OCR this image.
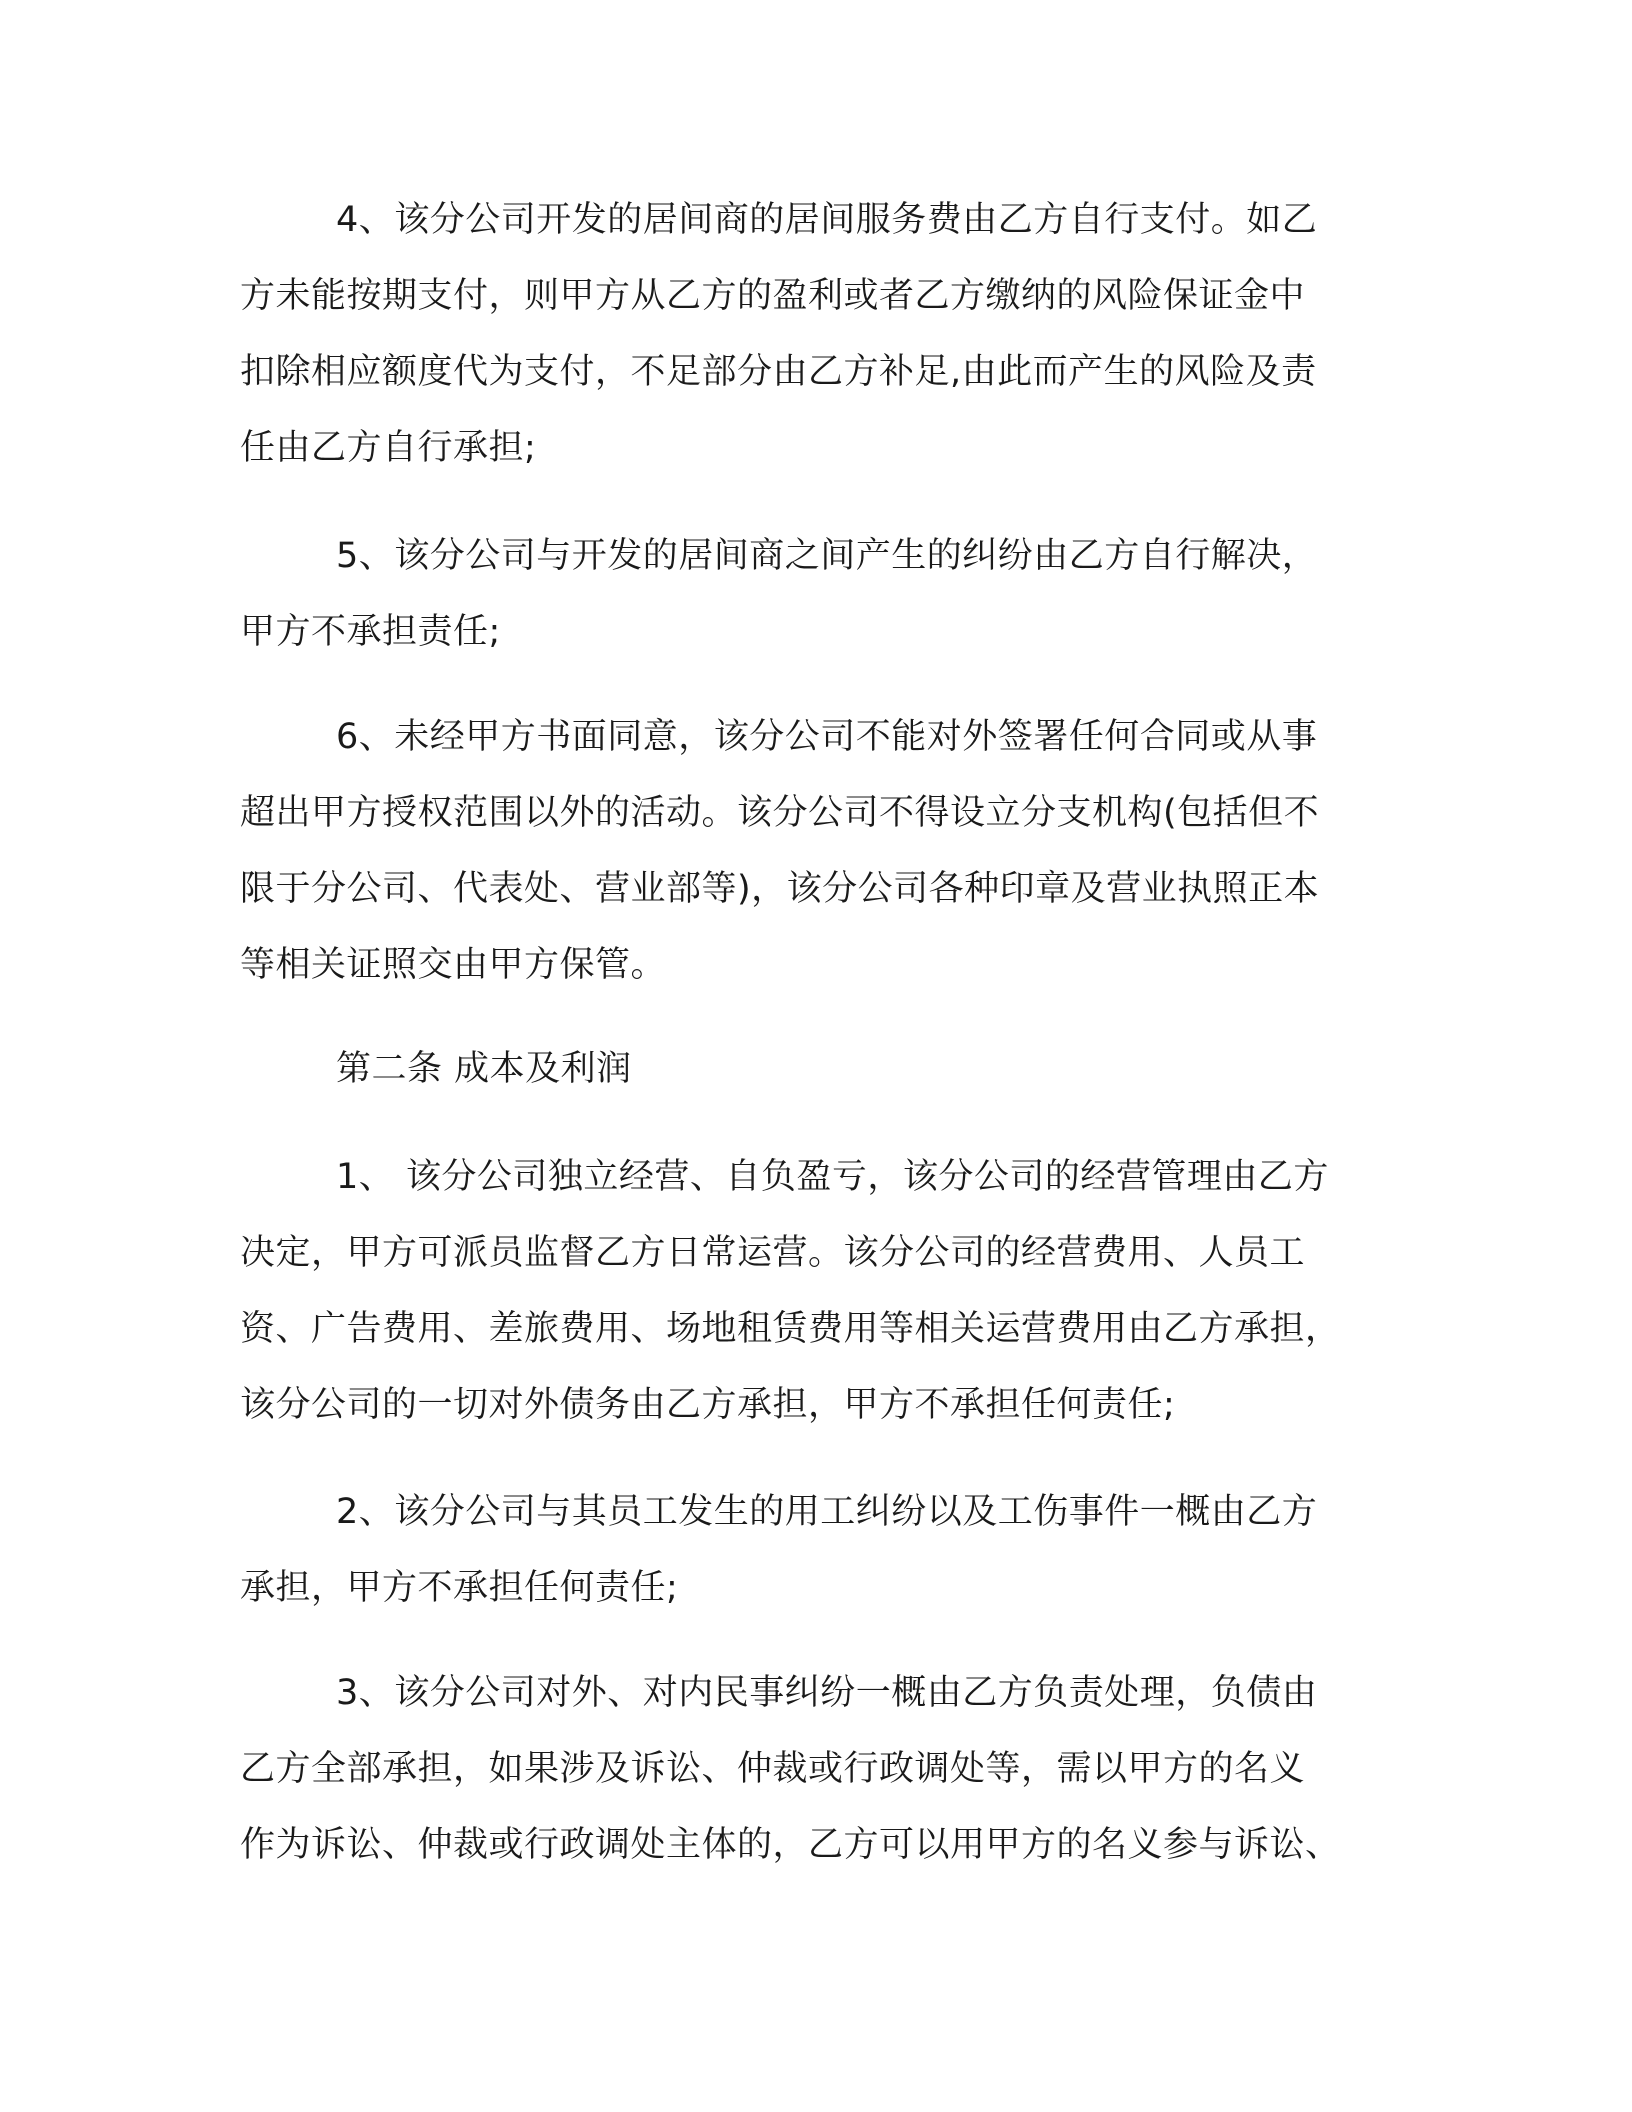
4、该分公司开发的居间商的居间服务费由乙方自行支付。如乙
方未能按期支付，则甲方从乙方的盈利或者乙方缴纳的风险保证金中
扣除相应额度代为支付，不足部分由乙方补足,由此而产生的风险及责
任由乙方自行承担;

5、该分公司与开发的居间商之间产生的纠纷由乙方自行解决，
甲方不承担责任;

6、未经甲方书面同意，该分公司不能对外签署任何合同或从事
超出甲方授权范围以外的活动。该分公司不得设立分支机构(包括但不
限于分公司、代表处、营业部等)，该分公司各种印章及营业执照正本
等相关证照交由甲方保管。

第二条 成本及利润

1、 该分公司独立经营、自负盈亏，该分公司的经营管理由乙方
决定，甲方可派员监督乙方日常运营。该分公司的经营费用、人员工
资、广告费用、差旅费用、场地租赁费用等相关运营费用由乙方承担，
该分公司的一切对外债务由乙方承担，甲方不承担任何责任;

2、该分公司与其员工发生的用工纠纷以及工伤事件一概由乙方
承担，甲方不承担任何责任;

3、该分公司对外、对内民事纠纷一概由乙方负责处理，负债由
乙方全部承担，如果涉及诉讼、仲裁或行政调处等，需以甲方的名义
作为诉讼、仲裁或行政调处主体的，乙方可以用甲方的名义参与诉讼、
